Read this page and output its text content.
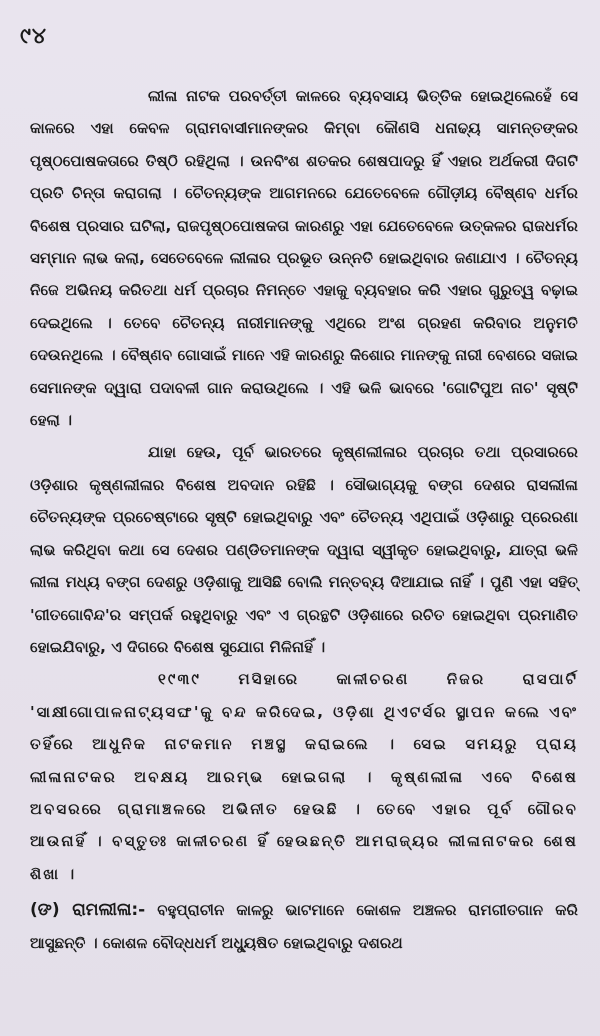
୯୪

ଲୀଳା ନାଟକ ପରବର୍ତ୍ତୀ କାଳରେ ବ୍ୟବସାୟ ଭିତ୍ତିକ ହୋଇଥିଲେହେଁ ସେ କାଳରେ ଏହା କେବଳ ଗ୍ରାମବାସୀମାନଙ୍କର କିମ୍ବା କୌଣସି ଧନାଢ୍ୟ ସାମନ୍ତଙ୍କର ପୃଷ୍ଠପୋଷକତାରେ ତିଷ୍ଠି ରହିଥିଲା । ଉନବିଂଶ ଶତକର ଶେଷପାଦରୁ ହିଁ ଏହାର ଅର୍ଥକରୀ ଦିଗଟି ପ୍ରତି ଚିନ୍ତା କରାଗଲା । ଚୈତନ୍ୟଙ୍କ ଆଗମନରେ ଯେତେବେଳେ ଗୌଡ଼ୀୟ ବୈଷ୍ଣବ ଧର୍ମର ବିଶେଷ ପ୍ରସାର ଘଟିଲା, ରାଜପୃଷ୍ଠପୋଷକତା କାରଣରୁ ଏହା ଯେତେବେଳେ ଉତ୍କଳର ରାଜଧର୍ମର ସମ୍ମାନ ଲାଭ କଲା, ସେତେବେଳେ ଲୀଳାର ପ୍ରଭୂତ ଉନ୍ନତି ହୋଇଥିବାର ଜଣାଯାଏ । ଚୈତନ୍ୟ ନିଜେ ଅଭିନୟ କରିତଥା ଧର୍ମ ପ୍ରଚାର ନିମନ୍ତେ ଏହାକୁ ବ୍ୟବହାର କରି ଏହାର ଗୁରୁତ୍ୱ ବଢ଼ାଇ ଦେଇଥିଲେ । ତେବେ ଚୈତନ୍ୟ ନାରୀମାନଙ୍କୁ ଏଥିରେ ଅଂଶ ଗ୍ରହଣ କରିବାର ଅନୁମତି ଦେଉନଥିଲେ । ବୈଷ୍ଣବ ଗୋସାଇଁ ମାନେ ଏହି କାରଣରୁ କିଶୋର ମାନଙ୍କୁ ନାରୀ ବେଶରେ ସଜାଇ ସେମାନଙ୍କ ଦ୍ୱାରା ପଦାବଳୀ ଗାନ କରାଉଥିଲେ । ଏହି ଭଳି ଭାବରେ 'ଗୋଟିପୁଅ ନାଚ' ସୃଷ୍ଟି ହେଲା ।

ଯାହା ହେଉ, ପୂର୍ବ ଭାରତରେ କୃଷ୍ଣଲୀଳାର ପ୍ରଚାର ତଥା ପ୍ରସାରରେ ଓଡ଼ିଶାର କୃଷ୍ଣଲୀଳାର ବିଶେଷ ଅବଦାନ ରହିଛି । ସୌଭାଗ୍ୟକୁ ବଙ୍ଗ ଦେଶର ରାସଲୀଳା ଚୈତନ୍ୟଙ୍କ ପ୍ରଚେଷ୍ଟାରେ ସୃଷ୍ଟି ହୋଇଥିବାରୁ ଏବଂ ଚୈତନ୍ୟ ଏଥିପାଇଁ ଓଡ଼ିଶାରୁ ପ୍ରେରଣା ଲାଭ କରିଥିବା କଥା ସେ ଦେଶର ପଣ୍ଡିତମାନଙ୍କ ଦ୍ୱାରା ସ୍ୱୀକୃତ ହୋଇଥିବାରୁ, ଯାତ୍ରା ଭଳି ଲୀଳା ମଧ୍ୟ ବଙ୍ଗ ଦେଶରୁ ଓଡ଼ିଶାକୁ ଆସିଛି ବୋଲି ମନ୍ତବ୍ୟ ଦିଆଯାଇ ନାହିଁ । ପୁଣି ଏହା ସହିତ୍ 'ଗୀତଗୋବିନ୍ଦ'ର ସମ୍ପର୍କ ରହୁଥିବାରୁ ଏବଂ ଏ ଗ୍ରନ୍ଥଟି ଓଡ଼ିଶାରେ ରଚିତ ହୋଇଥିବା ପ୍ରମାଣିତ ହୋଇଯିବାରୁ, ଏ ଦିଗରେ ବିଶେଷ ସୁଯୋଗ ମିଳିନାହିଁ ।

୧୯୩୯ ମସିହାରେ କାଳୀଚରଣ ନିଜର ରାସପାର୍ଟି 'ସାକ୍ଷୀଗୋପାଳନାଟ୍ୟସଙ୍ଘ'କୁ ବନ୍ଦ କରିଦେଇ, ଓଡ଼ିଶା ଥିଏଟର୍ସର ସ୍ଥାପନ କଲେ ଏବଂ ତହିଁରେ ଆଧୁନିକ ନାଟକମାନ ମଞ୍ଚସ୍ଥ କରାଇଲେ । ସେଇ ସମୟରୁ ପ୍ରାୟ ଲୀଳାନାଟକର ଅବକ୍ଷୟ ଆରମ୍ଭ ହୋଇଗଲା । କୃଷ୍ଣଲୀଳା ଏବେ ବିଶେଷ ଅବସରରେ ଗ୍ରାମାଞ୍ଚଳରେ ଅଭିନୀତ ହେଉଛି । ତେବେ ଏହାର ପୂର୍ବ ଗୌରବ ଆଉନାହିଁ । ବସ୍ତୁତଃ କାଳୀଚରଣ ହିଁ ହେଉଛନ୍ତି ଆମରାଜ୍ୟର ଲୀଳାନାଟକର ଶେଷ ଶିଖା ।

(ଙ) ରାମଲୀଳା:- ବହୁପ୍ରାଚୀନ କାଳରୁ ଭାଟମାନେ କୋଶଳ ଅଞ୍ଚଳର ରାମଗୀତଗାନ କରି ଆସୁଛନ୍ତି । କୋଶଳ ବୌଦ୍ଧଧର୍ମ ଅଧ୍ୟୁଷିତ ହୋଇଥିବାରୁ ଦଶରଥ
